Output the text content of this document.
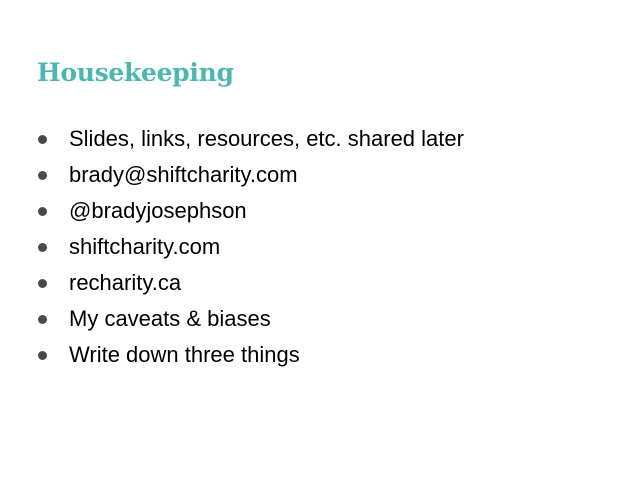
Housekeeping
Slides, links, resources, etc. shared later
brady@shiftcharity.com
@bradyjosephson
shiftcharity.com
recharity.ca
My caveats & biases
Write down three things
